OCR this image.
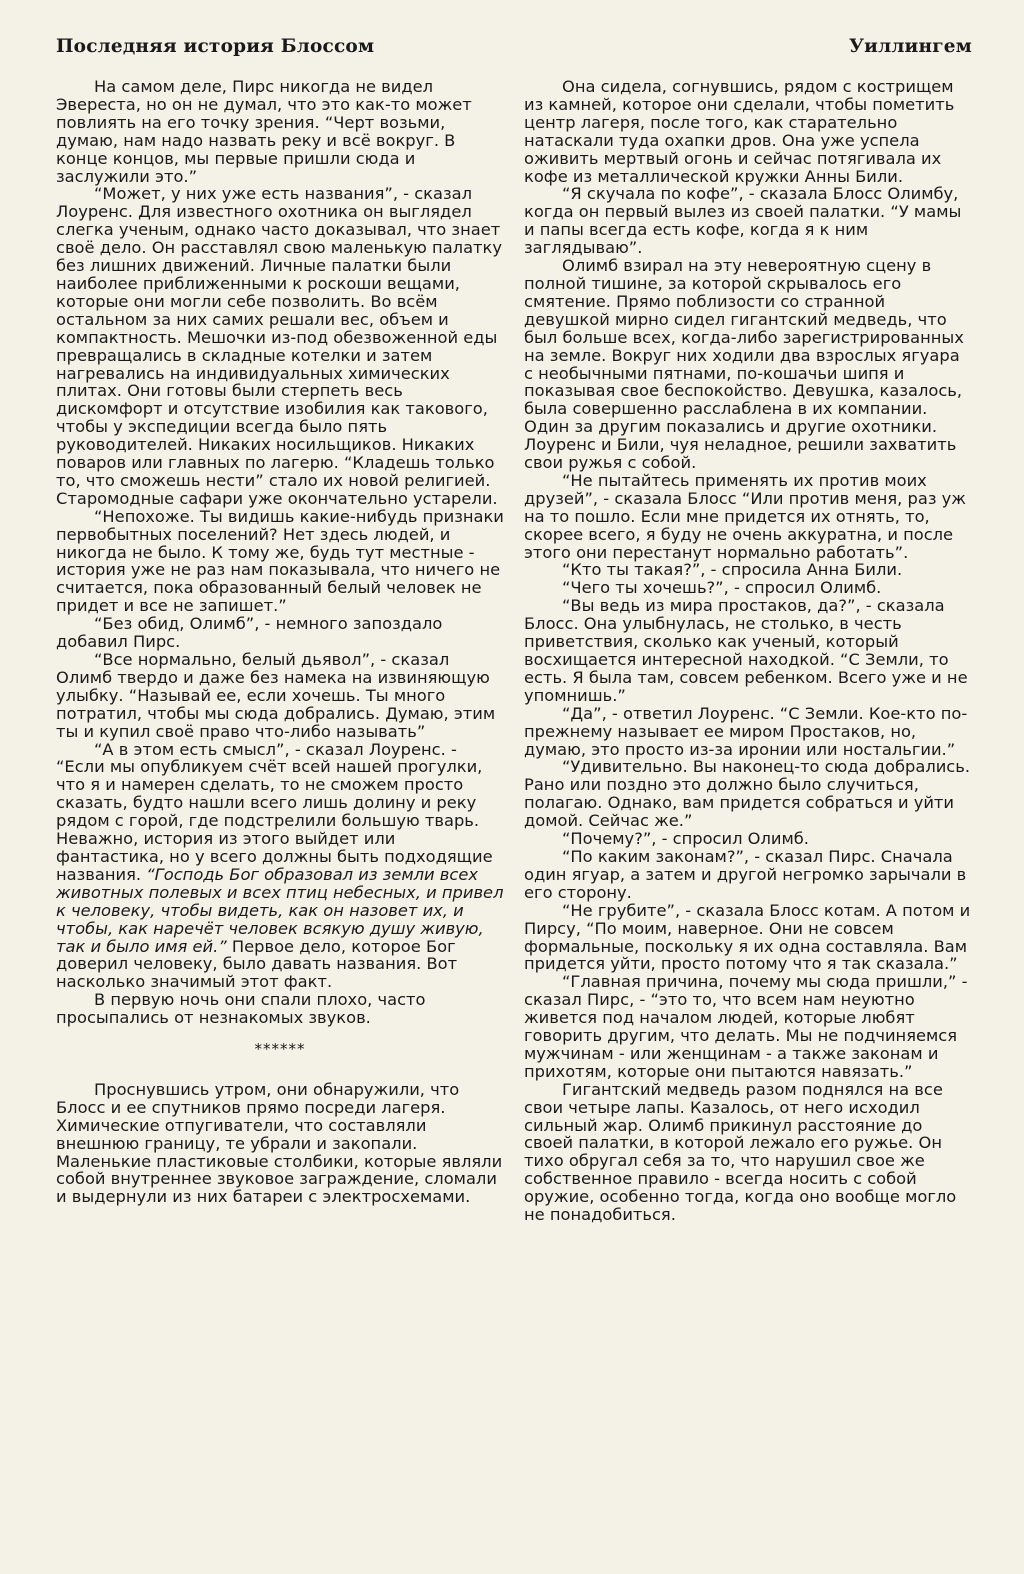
Последняя история Блоссом	Уиллингем

На самом деле, Пирс никогда не видел Эвереста, но он не думал, что это как-то может повлиять на его точку зрения. “Черт возьми, думаю, нам надо назвать реку и всё вокруг. В конце концов, мы первые пришли сюда и заслужили это.”

“Может, у них уже есть названия”, - сказал Лоуренс. Для известного охотника он выглядел слегка ученым, однако часто доказывал, что знает своё дело. Он расставлял свою маленькую палатку без лишних движений. Личные палатки были наиболее приближенными к роскоши вещами, которые они могли себе позволить. Во всём остальном за них самих решали вес, объем и компактность. Мешочки из-под обезвоженной еды превращались в складные котелки и затем нагревались на индивидуальных химических плитах. Они готовы были стерпеть весь дискомфорт и отсутствие изобилия как такового, чтобы у экспедиции всегда было пять руководителей. Никаких носильщиков. Никаких поваров или главных по лагерю. “Кладешь только то, что сможешь нести” стало их новой религией. Старомодные сафари уже окончательно устарели.

“Непохоже. Ты видишь какие-нибудь признаки первобытных поселений? Нет здесь людей, и никогда не было. К тому же, будь тут местные - история уже не раз нам показывала, что ничего не считается, пока образованный белый человек не придет и все не запишет.”

“Без обид, Олимб”, - немного запоздало добавил Пирс.

“Все нормально, белый дьявол”, - сказал Олимб твердо и даже без намека на извиняющую улыбку. “Называй ее, если хочешь. Ты много потратил, чтобы мы сюда добрались. Думаю, этим ты и купил своё право что-либо называть”

“А в этом есть смысл”, - сказал Лоуренс. - “Если мы опубликуем счёт всей нашей прогулки, что я и намерен сделать, то не сможем просто сказать, будто нашли всего лишь долину и реку рядом с горой, где подстрелили большую тварь. Неважно, история из этого выйдет или фантастика, но у всего должны быть подходящие названия. “Господь Бог образовал из земли всех животных полевых и всех птиц небесных, и привел к человеку, чтобы видеть, как он назовет их, и чтобы, как наречёт человек всякую душу живую, так и было имя ей.” Первое дело, которое Бог доверил человеку, было давать названия. Вот насколько значимый этот факт.

В первую ночь они спали плохо, часто просыпались от незнакомых звуков.

******

Проснувшись утром, они обнаружили, что Блосс и ее спутников прямо посреди лагеря. Химические отпугиватели, что составляли внешнюю границу, те убрали и закопали. Маленькие пластиковые столбики, которые являли собой внутреннее звуковое заграждение, сломали и выдернули из них батареи с электросхемами.

Она сидела, согнувшись, рядом с кострищем из камней, которое они сделали, чтобы пометить центр лагеря, после того, как старательно натаскали туда охапки дров. Она уже успела оживить мертвый огонь и сейчас потягивала их кофе из металлической кружки Анны Били.

“Я скучала по кофе”, - сказала Блосс Олимбу, когда он первый вылез из своей палатки. “У мамы и папы всегда есть кофе, когда я к ним заглядываю”.

Олимб взирал на эту невероятную сцену в полной тишине, за которой скрывалось его смятение. Прямо поблизости со странной девушкой мирно сидел гигантский медведь, что был больше всех, когда-либо зарегистрированных на земле. Вокруг них ходили два взрослых ягуара с необычными пятнами, по-кошачьи шипя и показывая свое беспокойство. Девушка, казалось, была совершенно расслаблена в их компании. Один за другим показались и другие охотники. Лоуренс и Били, чуя неладное, решили захватить свои ружья с собой.

“Не пытайтесь применять их против моих друзей”, - сказала Блосс “Или против меня, раз уж на то пошло. Если мне придется их отнять, то, скорее всего, я буду не очень аккуратна, и после этого они перестанут нормально работать”.

“Кто ты такая?”, - спросила Анна Били.

“Чего ты хочешь?”, - спросил Олимб.

“Вы ведь из мира простаков, да?”, - сказала Блосс. Она улыбнулась, не столько, в честь приветствия, сколько как ученый, который восхищается интересной находкой. “С Земли, то есть. Я была там, совсем ребенком. Всего уже и не упомнишь.”

“Да”, - ответил Лоуренс. “С Земли. Кое-кто по-прежнему называет ее миром Простаков, но, думаю, это просто из-за иронии или ностальгии.”

“Удивительно. Вы наконец-то сюда добрались. Рано или поздно это должно было случиться, полагаю. Однако, вам придется собраться и уйти домой. Сейчас же.”

“Почему?”, - спросил Олимб.

“По каким законам?”, - сказал Пирс. Сначала один ягуар, а затем и другой негромко зарычали в его сторону.

“Не грубите”, - сказала Блосс котам. А потом и Пирсу, “По моим, наверное. Они не совсем формальные, поскольку я их одна составляла. Вам придется уйти, просто потому что я так сказала.”

“Главная причина, почему мы сюда пришли,” - сказал Пирс, - “это то, что всем нам неуютно живется под началом людей, которые любят говорить другим, что делать. Мы не подчиняемся мужчинам - или женщинам - а также законам и прихотям, которые они пытаются навязать.”

Гигантский медведь разом поднялся на все свои четыре лапы. Казалось, от него исходил сильный жар. Олимб прикинул расстояние до своей палатки, в которой лежало его ружье. Он тихо обругал себя за то, что нарушил свое же собственное правило - всегда носить с собой оружие, особенно тогда, когда оно вообще могло не понадобиться.
